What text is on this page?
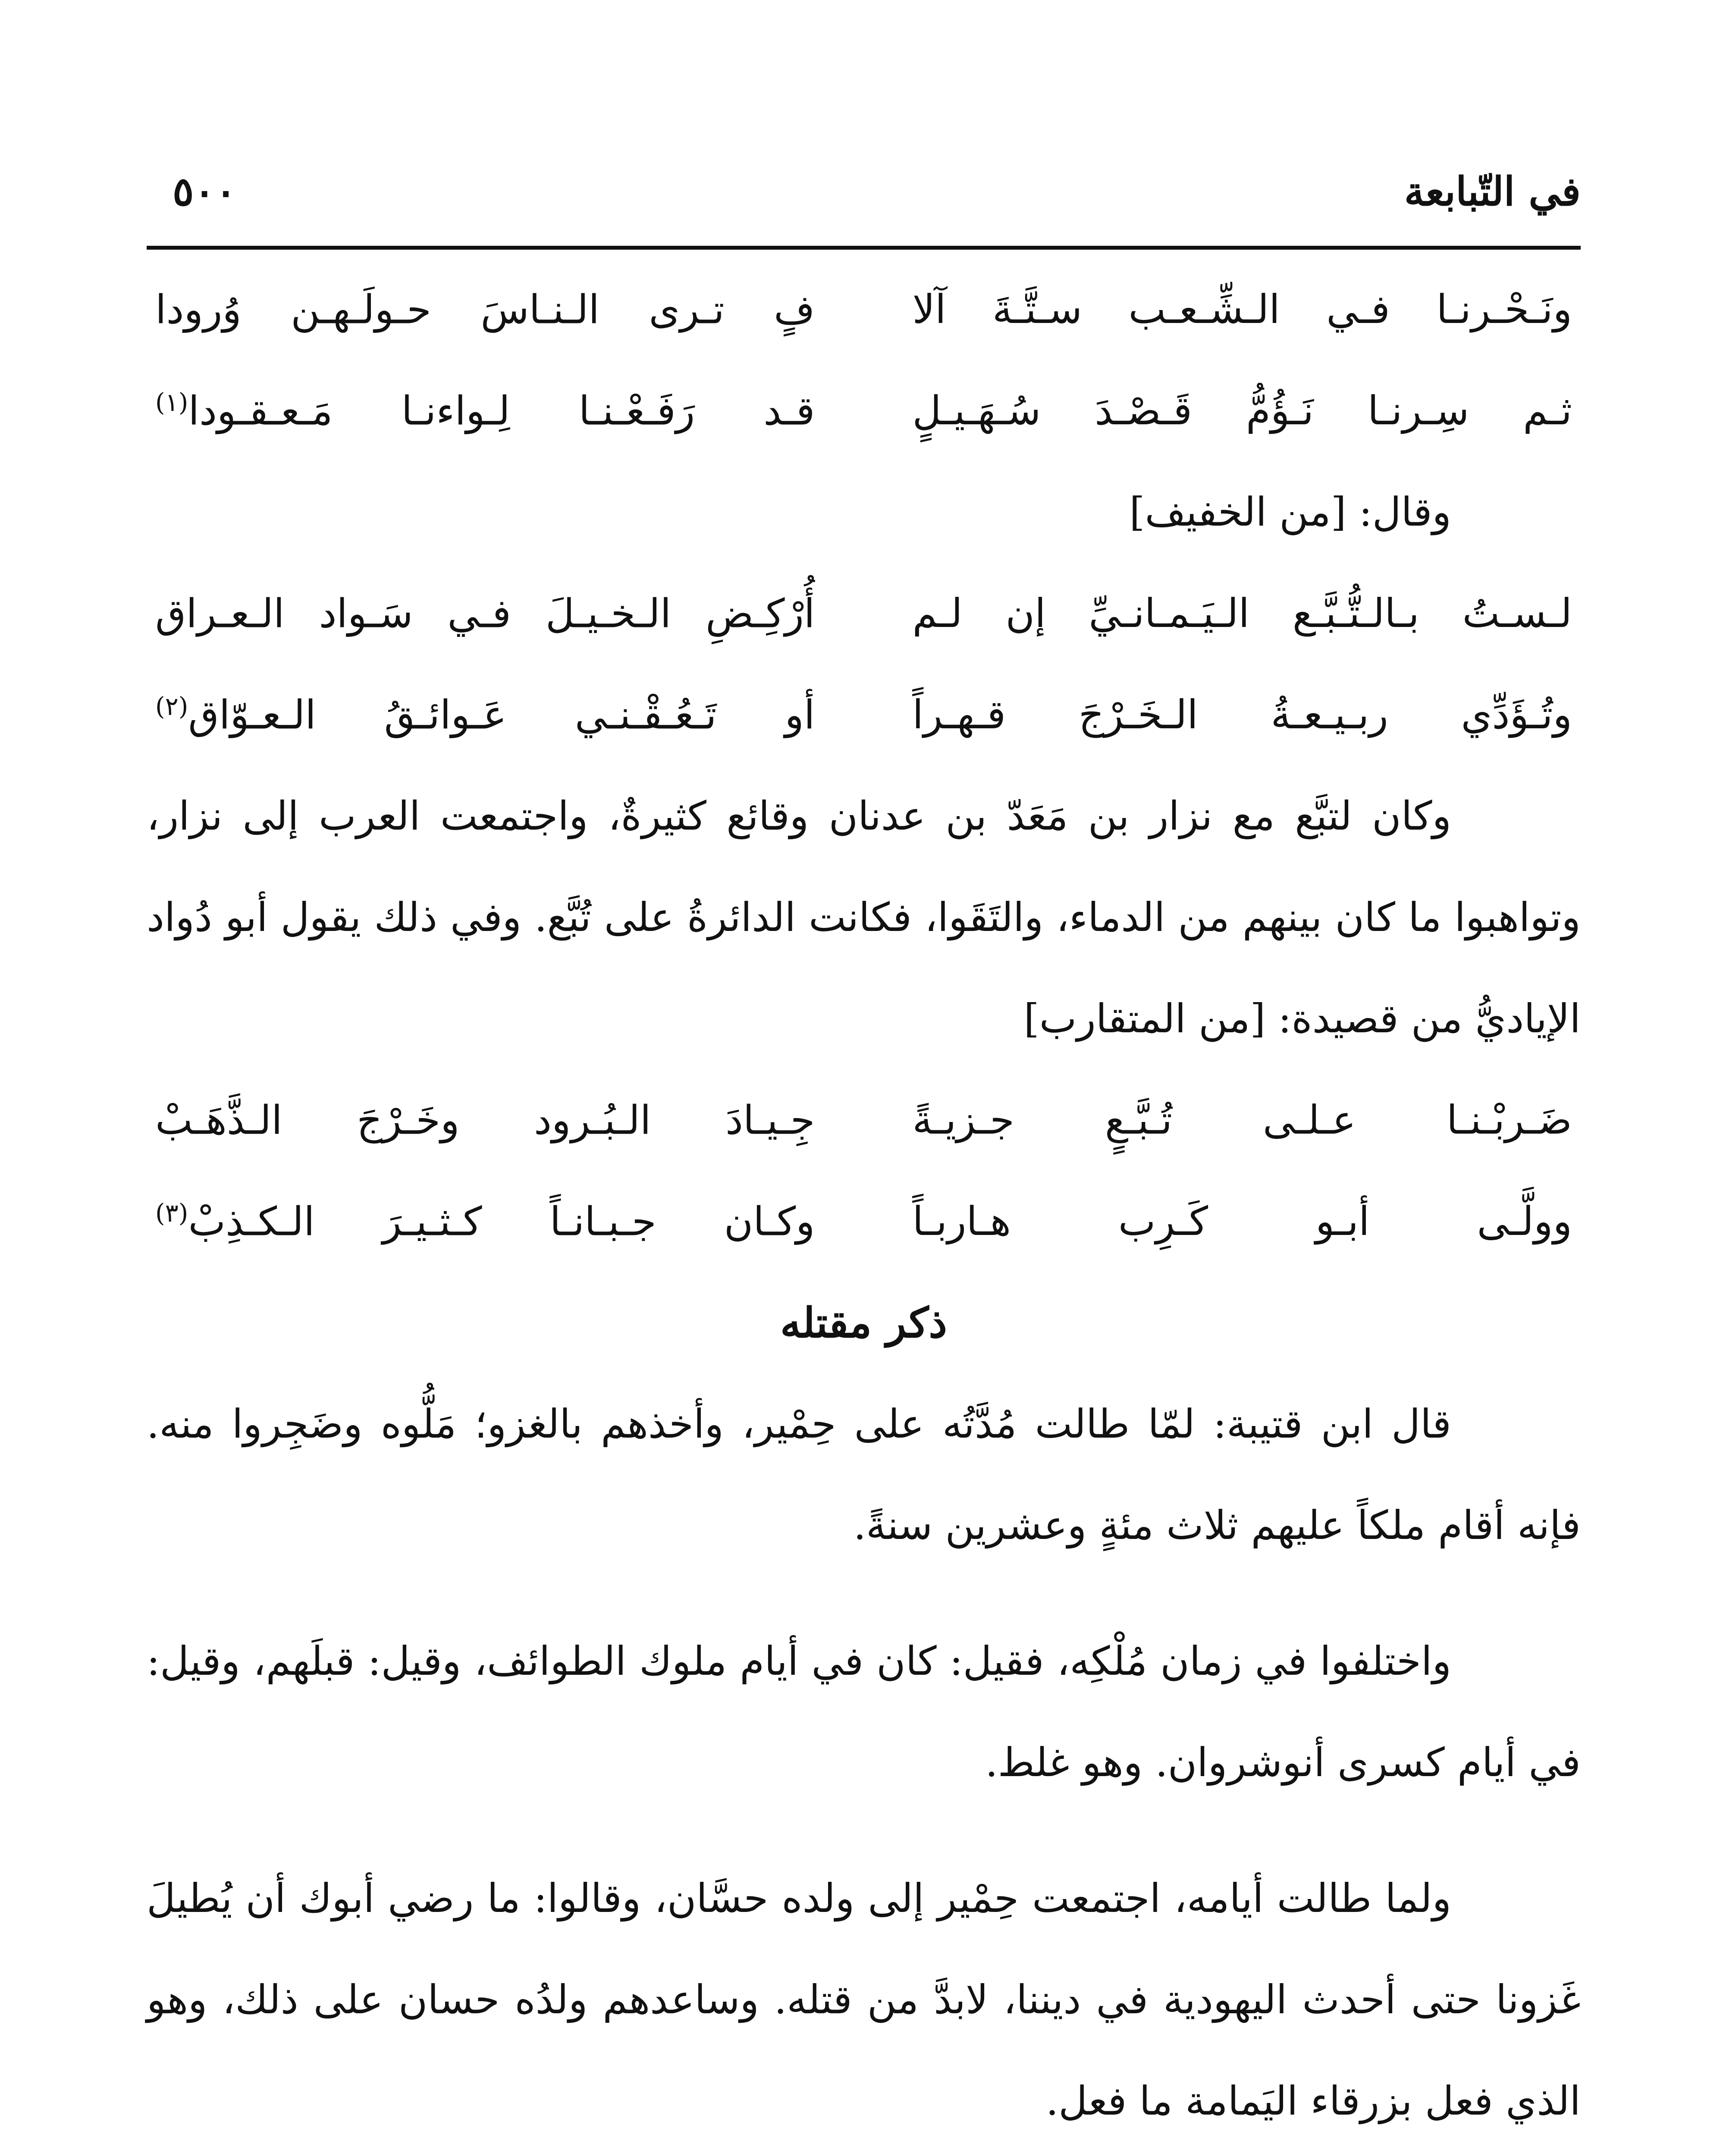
في التّبابعة
٥٠٠
ونَـحْـرنـا فـي الـشِّـعـب سـتَّـةَ آلا
فٍ تـرى الـنـاسَ حـولَـهـن وُرودا
ثـم سِـرنـا نَـؤُمُّ قَـصْـدَ سُـهَـيـلٍ
قـد رَفَـعْـنـا لِـواءنـا مَـعـقـودا$^{(١)}$
وقال: [من الخفيف]
لـسـتُ بـالـتُّـبَّـع الـيَـمـانـيِّ إن لـم
أُرْكِـضِ الـخـيـلَ فـي سَـواد الـعـراق
وتُـؤَدِّي ربـيـعـةُ الـخَـرْجَ قـهـراً
أو تَـعُـقْـنـي عَـوائـقُ الـعـوّاق$^{(٢)}$

وكان لتبَّع مع نزار بن مَعَدّ بن عدنان وقائع كثيرةٌ، واجتمعت العرب إلى نزار، وتواهبوا ما كان بينهم من الدماء، والتَقَوا، فكانت الدائرةُ على تُبَّع. وفي ذلك يقول أبو دُواد الإياديُّ من قصيدة: [من المتقارب]

ضَـربْـنـا عـلـى تُـبَّـعٍ جـزيـةً
جِـيـادَ الـبُـرود وخَـرْجَ الـذَّهَـبْ
وولَّـى أبـو كَـرِب هـاربـاً
وكـان جـبـانـاً كـثـيـرَ الـكـذِبْ$^{(٣)}$
ذكر مقتله

قال ابن قتيبة: لمّا طالت مُدَّتُه على حِمْير، وأخذهم بالغزو؛ مَلُّوه وضَجِروا منه. فإنه أقام ملكاً عليهم ثلاث مئةٍ وعشرين سنةً.

واختلفوا في زمان مُلْكِه، فقيل: كان في أيام ملوك الطوائف، وقيل: قبلَهم، وقيل: في أيام كسرى أنوشروان. وهو غلط.

ولما طالت أيامه، اجتمعت حِمْير إلى ولده حسَّان، وقالوا: ما رضي أبوك أن يُطيلَ غَزونا حتى أحدث اليهودية في ديننا، لابدَّ من قتله. وساعدهم ولدُه حسان على ذلك، وهو الذي فعل بزرقاء اليَمامة ما فعل.
